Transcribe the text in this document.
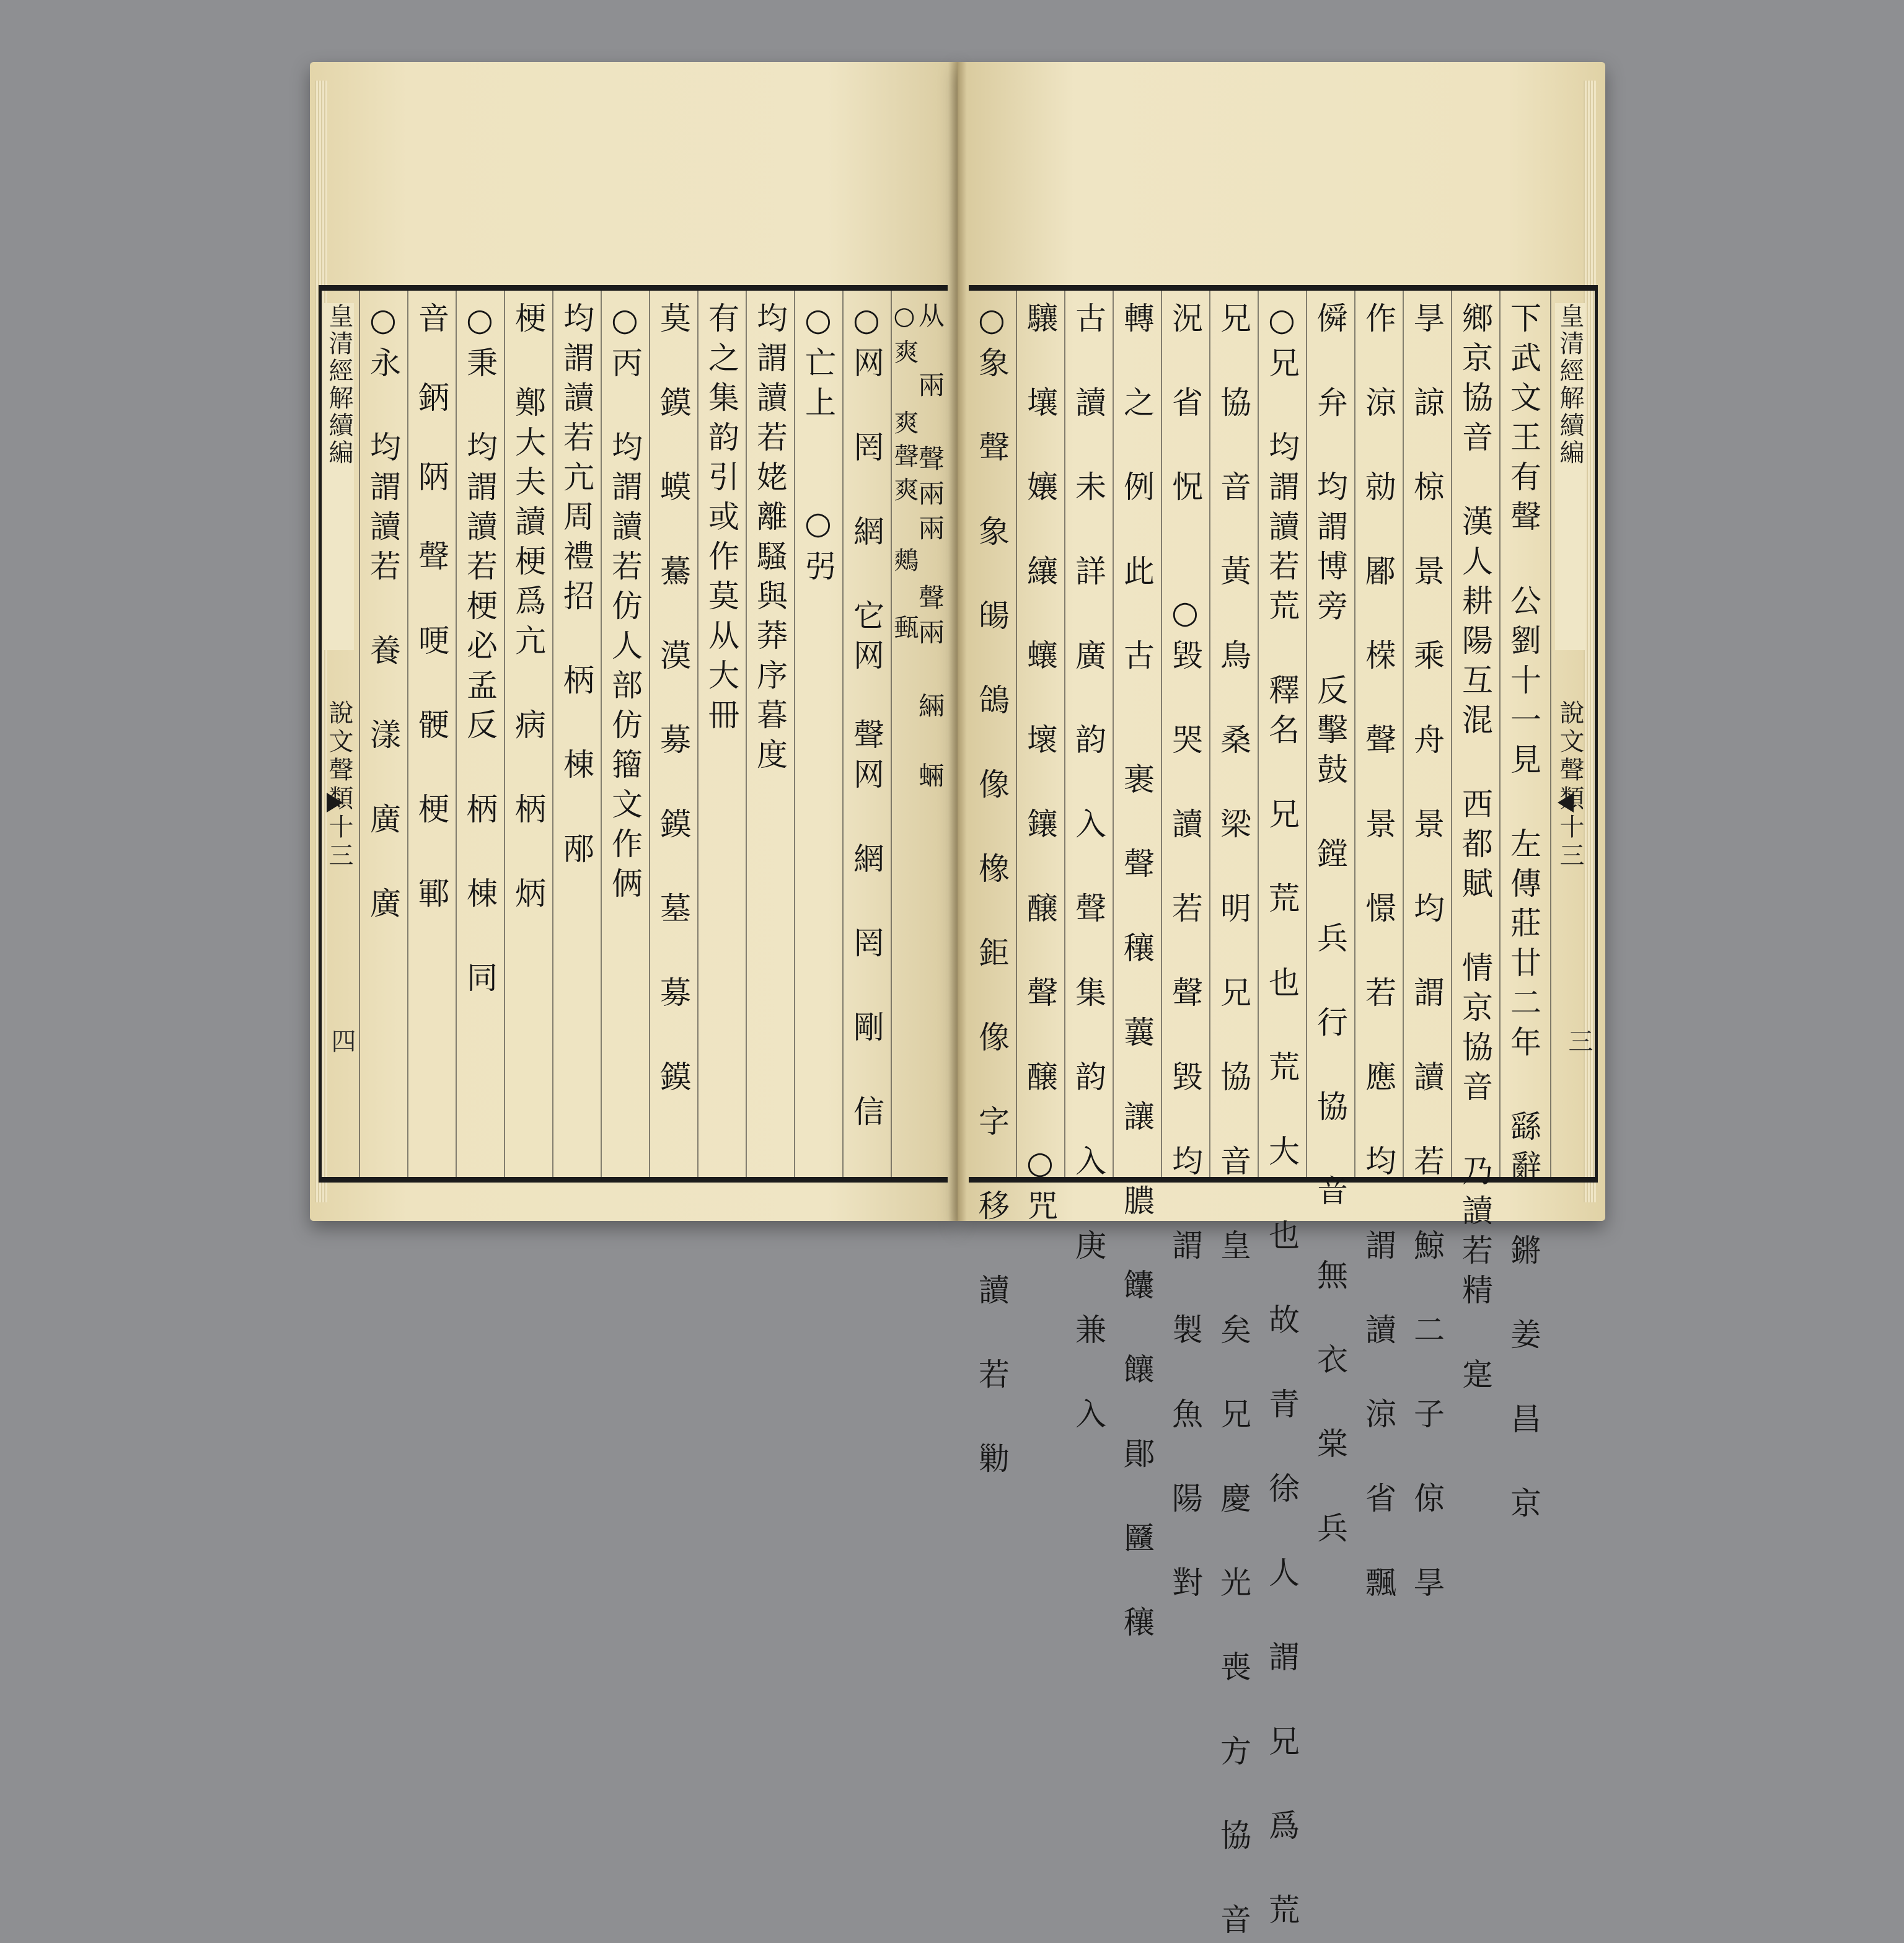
皇清經解續編
說文聲類十三 ○永 均謂讀若 養 漾 廣 廣 音　鈵　陃　聲 哽 骾 梗 鄆 ○秉 均謂讀若梗必孟反 柄 棟 同 梗 鄭大夫讀梗爲亢 病 柄 炳 均謂讀若亢周禮招 柄 棟 邴 ○丙 均謂讀若仿人部仿籀文作俩 莫 鏌 蟆 驀 漠 募 鏌 墓 募 鏌 有之集韵引或作莫从大冊 均謂讀若姥離騷與莽序暮度 ○亡上　　○弜 ○网 罔 網 它网　聲网 網 罔 剛 信 ○爽 爽聲爽 鷞　甀
从　兩 聲兩兩　聲兩 緉　蜽
四	○象 聲 象 䑗 鴿 像 橡 鉅 像 字 移 讀 若 勦 驤 壤 孃 纕 蠰 壞 鑲 醸 聲 醸 ○咒 古 讀 未 詳 廣 韵 入 聲 集 韵 入 庚 兼 入 轉 之 例 此 古 　裹 聲 穰 蘘 讓 膿 饢 饟 鄖 㔶 穰 況 省 怳 　○毀 哭 讀 若 聲 毀 均 謂 製 魚 陽 對 兄 協 音 黃 鳥 桑 梁 明 兄 協 音 皇 矣 兄 慶 光 喪 方 協 音 ○兄 均謂讀若荒 釋名 兄 荒 也 荒 大 也 故 青 徐 人 謂 兄 爲 荒 僢 弁 均謂博旁 反擊鼓 鏜 兵 行 協 音 無 衣 棠 兵 作 涼 勍 䣝 㮠 聲 景 憬 若 應 均 謂 讀 涼 省 飄 㫗 諒 椋 景 乘 舟 景 均 謂 讀 若 鯨 二 子 倞 㫗 鄉京協音 漢人耕陽互混 西都賦 情京協音 乃讀若精 寔 下武文王有聲 公劉十一見 左傳莊廿二年 繇辭 鏘 姜 昌 京 皇清經解續編
說文聲類十三
三
